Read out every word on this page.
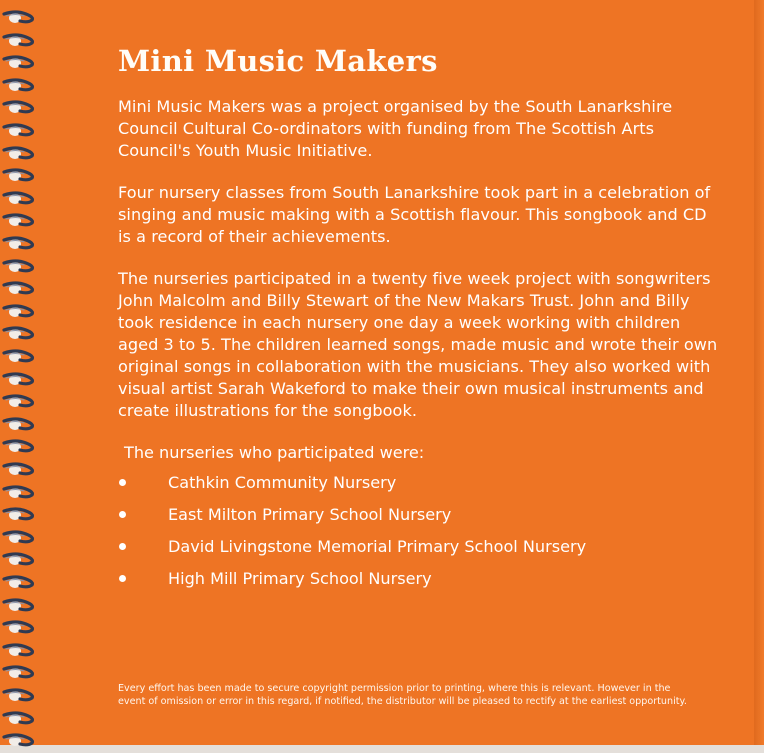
Mini Music Makers

Mini Music Makers was a project organised by the South Lanarkshire Council Cultural Co-ordinators with funding from The Scottish Arts Council's Youth Music Initiative.

Four nursery classes from South Lanarkshire took part in a celebration of singing and music making with a Scottish flavour. This songbook and CD is a record of their achievements.

The nurseries participated in a twenty five week project with songwriters John Malcolm and Billy Stewart of the New Makars Trust. John and Billy took residence in each nursery one day a week working with children aged 3 to 5. The children learned songs, made music and wrote their own original songs in collaboration with the musicians. They also worked with visual artist Sarah Wakeford to make their own musical instruments and create illustrations for the songbook.

The nurseries who participated were:

Cathkin Community Nursery
East Milton Primary School Nursery
David Livingstone Memorial Primary School Nursery
High Mill Primary School Nursery

Every effort has been made to secure copyright permission prior to printing, where this is relevant. However in the event of omission or error in this regard, if notified, the distributor will be pleased to rectify at the earliest opportunity.
